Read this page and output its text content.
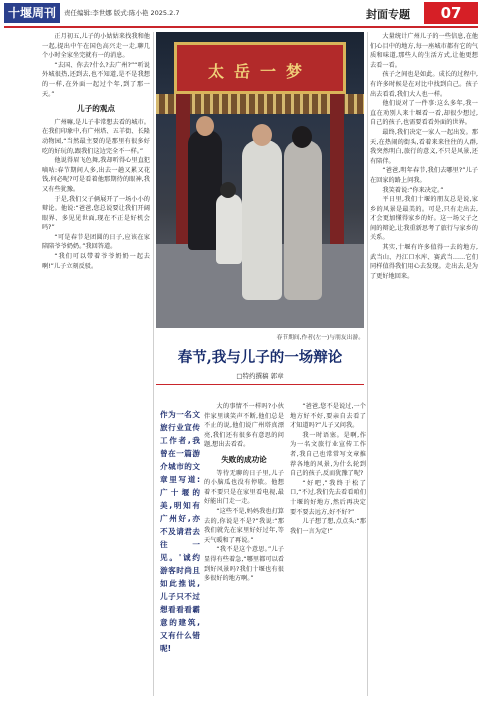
十堰周刊	责任编辑:李世娜 版式:陈小艳 2025.2.7	封面专题	07

正月初五,儿子的小姑姑来找我和他一起,提出中午在国色高兴走一走,聊几个小时全家坐完就有一的消息。

“去国、你去?什么?去广州?”“听说外城很热,还到去,也不知道,是不是我想的一样,在外面一起过个年,到了那一天。”

儿子的观点

广州嘛,是儿子非常想去看的城市。在我们印象中,有广州塔、五羊街、长隆动物园,“当然最主要的是那里有很多好吃的好玩的,跟我们这边完全不一样。”

他说得眉飞色舞,我却听得心里直犯嘀咕:春节期间人多,出去一趟又累又花钱,何必呢?可是看着他那期待的眼神,我又有些犹豫。

于是,我们父子俩展开了一场小小的辩论。他说:“爸爸,您总说要让我们开阔眼界、多见见世面,现在不正是好机会吗?”

“可是春节是团圆的日子,应该在家陪陪爷爷奶奶。”我回答道。

“我们可以带着爷爷奶奶一起去啊!”儿子立刻反驳。

太岳一梦
春节期间,作者(左一)与朋友出游。
春节,我与儿子的一场辩论
□特约撰稿 郭章
作为一名文旅行业宣传工作者,我曾在一篇游介城市的文章里写道:广十堰的美,明知有广州好,亦不及请君去往一见。'诚约游客时尚且如此推说,儿子只不过想看看看霸意的建筑,又有什么错呢!

大的事情不一样吗?小伙伴家里谈笑声不断,他们总是不止的说,他们说广州塔真漂亮,我们还有很多有意思的问题,想出去看看。

失败的成功论

等待无聊的日子里,儿子的小脑瓜也没有停歇。他想着不要只是在家里看电视,最好能出门走一走。

“这些不是,妈妈我也打算去的,你说是不是?”我说:“那我们就先在家里好好过年,等天气暖和了再说。”

“我不是这个意思。”儿子显得有些着急,“哪里都可以看到好风景吗?我们十堰也有很多很好的地方啊。”

“爸爸,您不是说过,一个地方好不好,要亲自去看了才知道吗?”儿子又问我。

我一时语塞。是啊,作为一名文旅行业宣传工作者,我自己也常常写文章推荐各地的风景,为什么轮到自己的孩子,反而犹豫了呢?

“好吧,”我终于松了口,“不过,我们先去看看咱们十堰的好地方,然后再决定要不要去远方,好不好?”

儿子想了想,点点头:“那我们一言为定!”

大量统计广州儿子的一些信息,在他们心目中的地方,每一座城市都有它的气质和味道,那些人的生活方式,让他更想去看一看。

孩子之间也是如此。成长的过程中,有许多时候是在对比中找到自己。孩子出去看看,我们大人也一样。

他们说对了一件事:这么多年,我一直在劝别人来十堰看一看,却很少想过,自己的孩子,也需要看看外面的世界。

最终,我们决定一家人一起出发。那天,在热闹的街头,看着来来往往的人群,我突然明白,旅行的意义,不只是风景,还有陪伴。

“爸爸,明年春节,我们去哪里?”儿子在回家的路上问我。

我笑着说:“你来决定。”

平日里,我们十堰的朋友总是说,家乡的风景是最美的。可是,只有走出去,才会更加懂得家乡的好。这一场父子之间的辩论,让我重新思考了旅行与家乡的关系。

其实,十堰有许多值得一去的地方,武当山、丹江口水库、赛武当……它们同样值得我们用心去发现。走出去,是为了更好地回来。
